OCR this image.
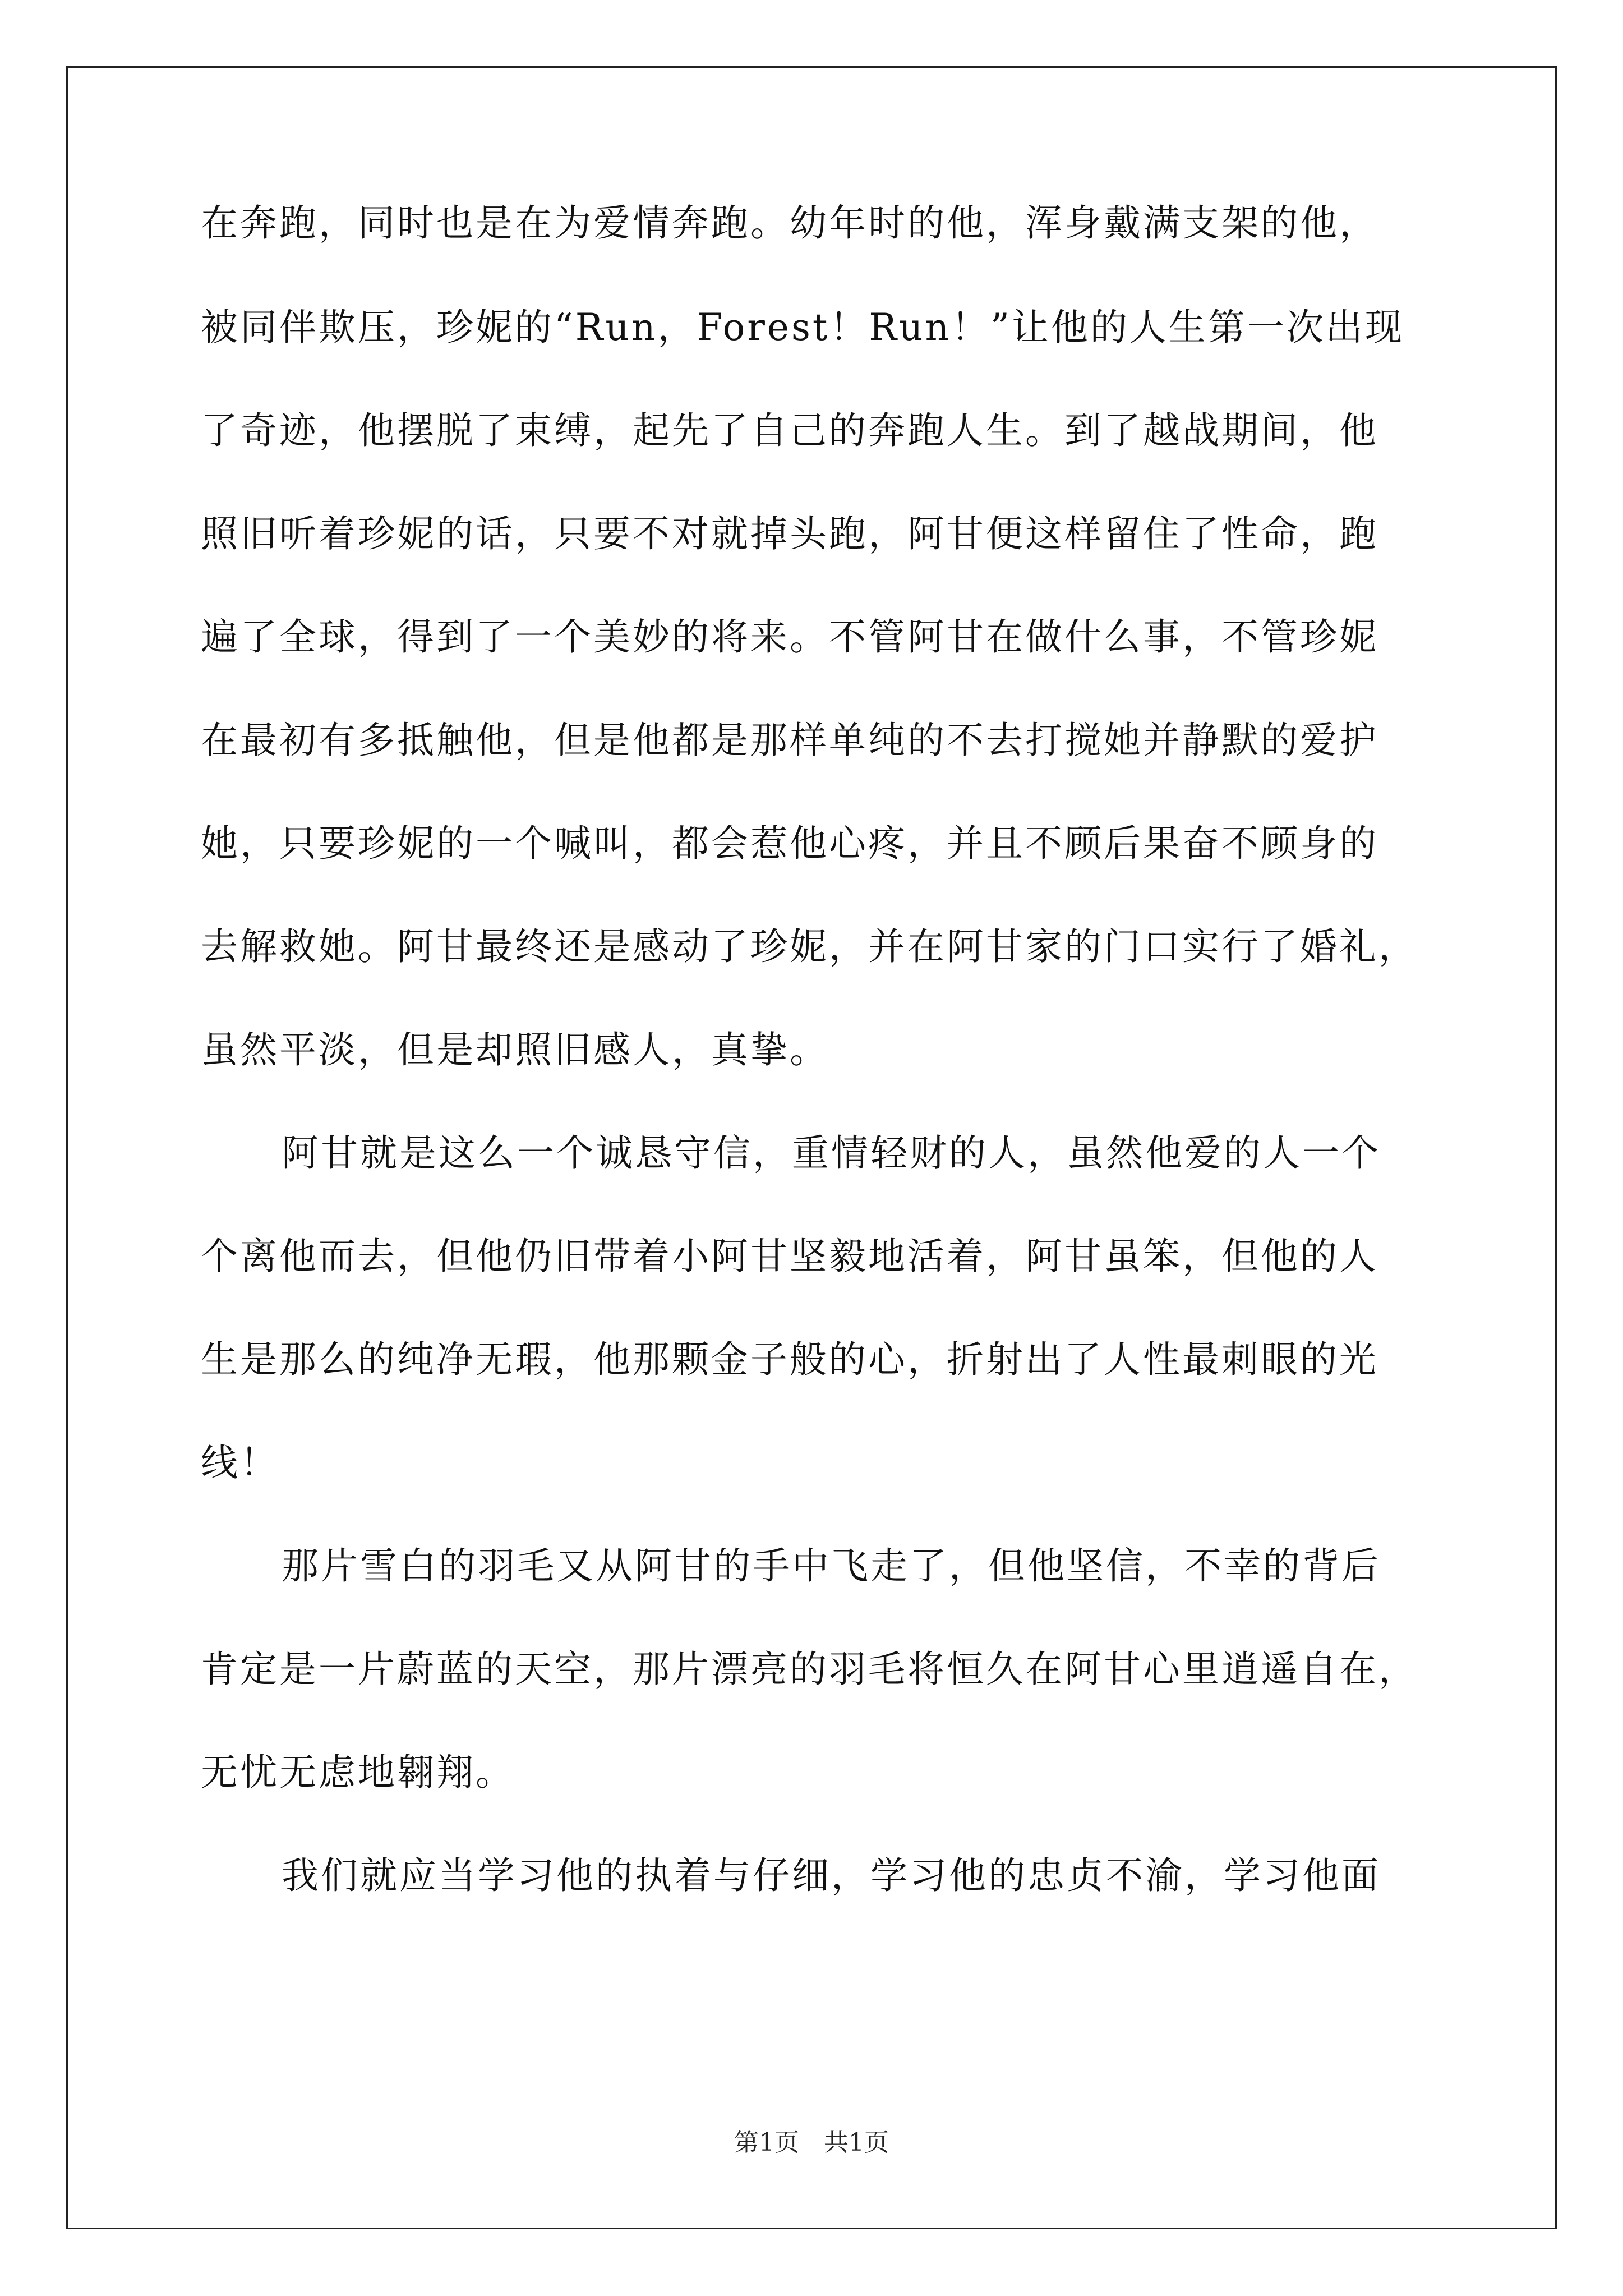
在奔跑，同时也是在为爱情奔跑。幼年时的他，浑身戴满支架的他，

被同伴欺压，珍妮的“Run，Forest！Run！”让他的人生第一次出现

了奇迹，他摆脱了束缚，起先了自己的奔跑人生。到了越战期间，他

照旧听着珍妮的话，只要不对就掉头跑，阿甘便这样留住了性命，跑

遍了全球，得到了一个美妙的将来。不管阿甘在做什么事，不管珍妮

在最初有多抵触他，但是他都是那样单纯的不去打搅她并静默的爱护

她，只要珍妮的一个喊叫，都会惹他心疼，并且不顾后果奋不顾身的

去解救她。阿甘最终还是感动了珍妮，并在阿甘家的门口实行了婚礼，

虽然平淡，但是却照旧感人，真挚。

阿甘就是这么一个诚恳守信，重情轻财的人，虽然他爱的人一个

个离他而去，但他仍旧带着小阿甘坚毅地活着，阿甘虽笨，但他的人

生是那么的纯净无瑕，他那颗金子般的心，折射出了人性最刺眼的光

线！

那片雪白的羽毛又从阿甘的手中飞走了，但他坚信，不幸的背后

肯定是一片蔚蓝的天空，那片漂亮的羽毛将恒久在阿甘心里逍遥自在，

无忧无虑地翱翔。

我们就应当学习他的执着与仔细，学习他的忠贞不渝，学习他面

第1页　共1页
